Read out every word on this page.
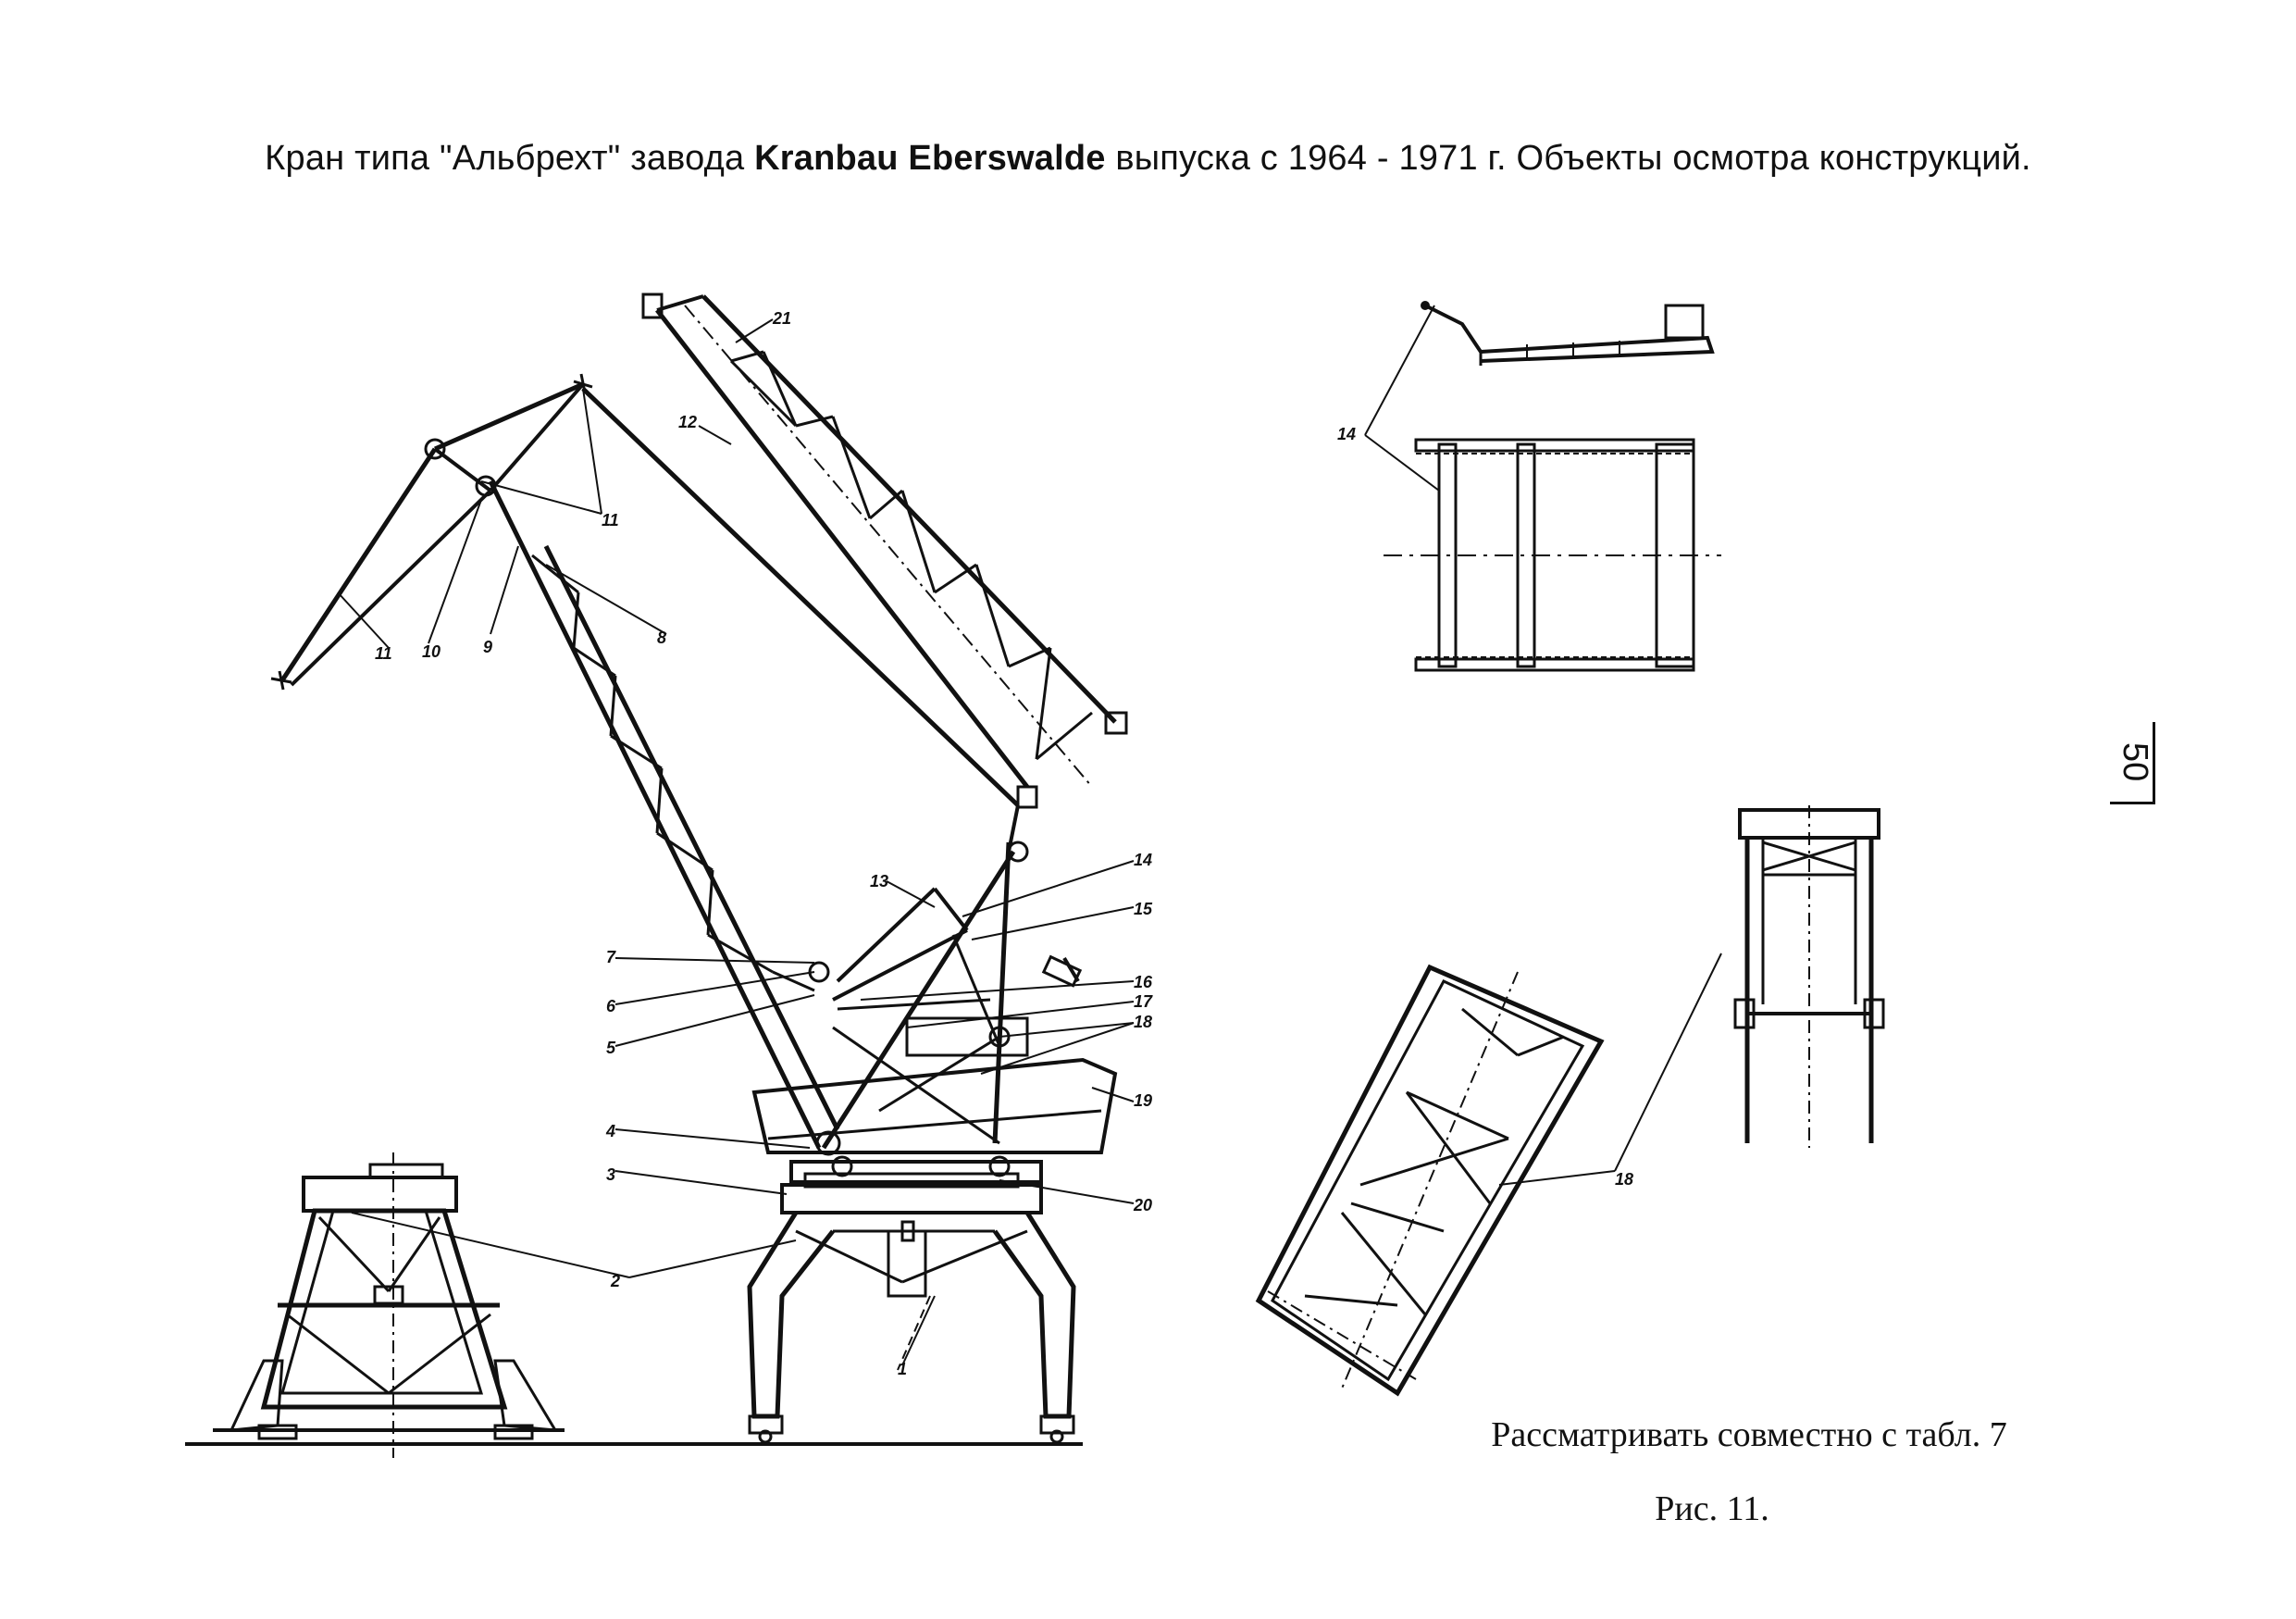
Кран типа "Альбрехт" завода Kranbau Eberswalde выпуска с 1964 - 1971 г. Объекты осмотра конструкций.
50
1
2
3
4
5
6
7
8
9
10
11
11
12
13
14
14
15
16
17
18
18
19
20
21
Рассматривать совместно с табл. 7
Рис. 11.
